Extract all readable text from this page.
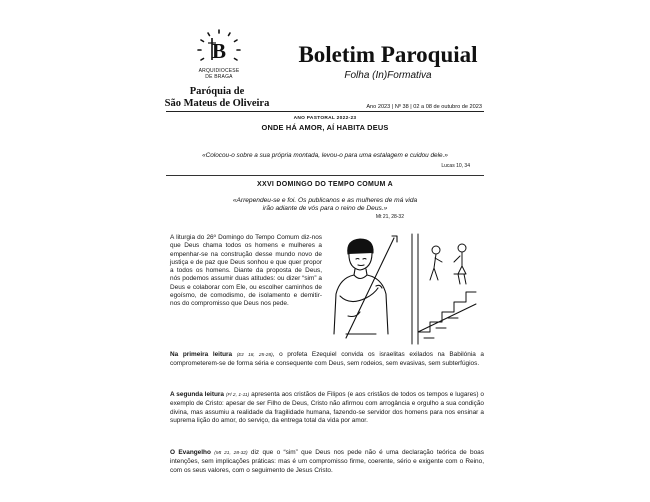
B
ARQUIDIOCESE
DE BRAGA
Paróquia de
São Mateus de Oliveira
Boletim Paroquial
Folha (In)Formativa
Ano 2023 | Nº 38 | 02 a 08 de outubro de 2023
ANO PASTORAL 2022-23
ONDE HÁ AMOR, AÍ HABITA DEUS
«Colocou-o sobre a sua própria montada, levou-o para uma estalagem e cuidou dele.»
Lucas 10, 34
XXVI DOMINGO DO TEMPO COMUM A
«Arrependeu-se e foi. Os publicanos e as mulheres de má vida
irão adiante de vós para o reino de Deus.»
Mt 21, 28-32
A liturgia do 26º Domingo do Tempo Comum diz-nos que Deus chama todos os homens e mulheres a empenhar-se na construção desse mundo novo de justiça e de paz que Deus sonhou e que quer propor a todos os homens. Diante da proposta de Deus, nós podemos assumir duas atitudes: ou dizer “sim” a Deus e colaborar com Ele, ou escolher caminhos de egoísmo, de comodismo, de isolamento e demitir-nos do compromisso que Deus nos pede.
Na primeira leitura (Ez 18, 25-28), o profeta Ezequiel convida os israelitas exilados na Babilónia a comprometerem-se de forma séria e consequente com Deus, sem rodeios, sem evasivas, sem subterfúgios.
A segunda leitura (Fl 2, 1-11) apresenta aos cristãos de Filipos (e aos cristãos de todos os tempos e lugares) o exemplo de Cristo: apesar de ser Filho de Deus, Cristo não afirmou com arrogância e orgulho a sua condição divina, mas assumiu a realidade da fragilidade humana, fazendo-se servidor dos homens para nos ensinar a suprema lição do amor, do serviço, da entrega total da vida por amor.
O Evangelho (Mt 21, 28-32) diz que o “sim” que Deus nos pede não é uma declaração teórica de boas intenções, sem implicações práticas: mas é um compromisso firme, coerente, sério e exigente com o Reino, com os seus valores, com o seguimento de Jesus Cristo.
